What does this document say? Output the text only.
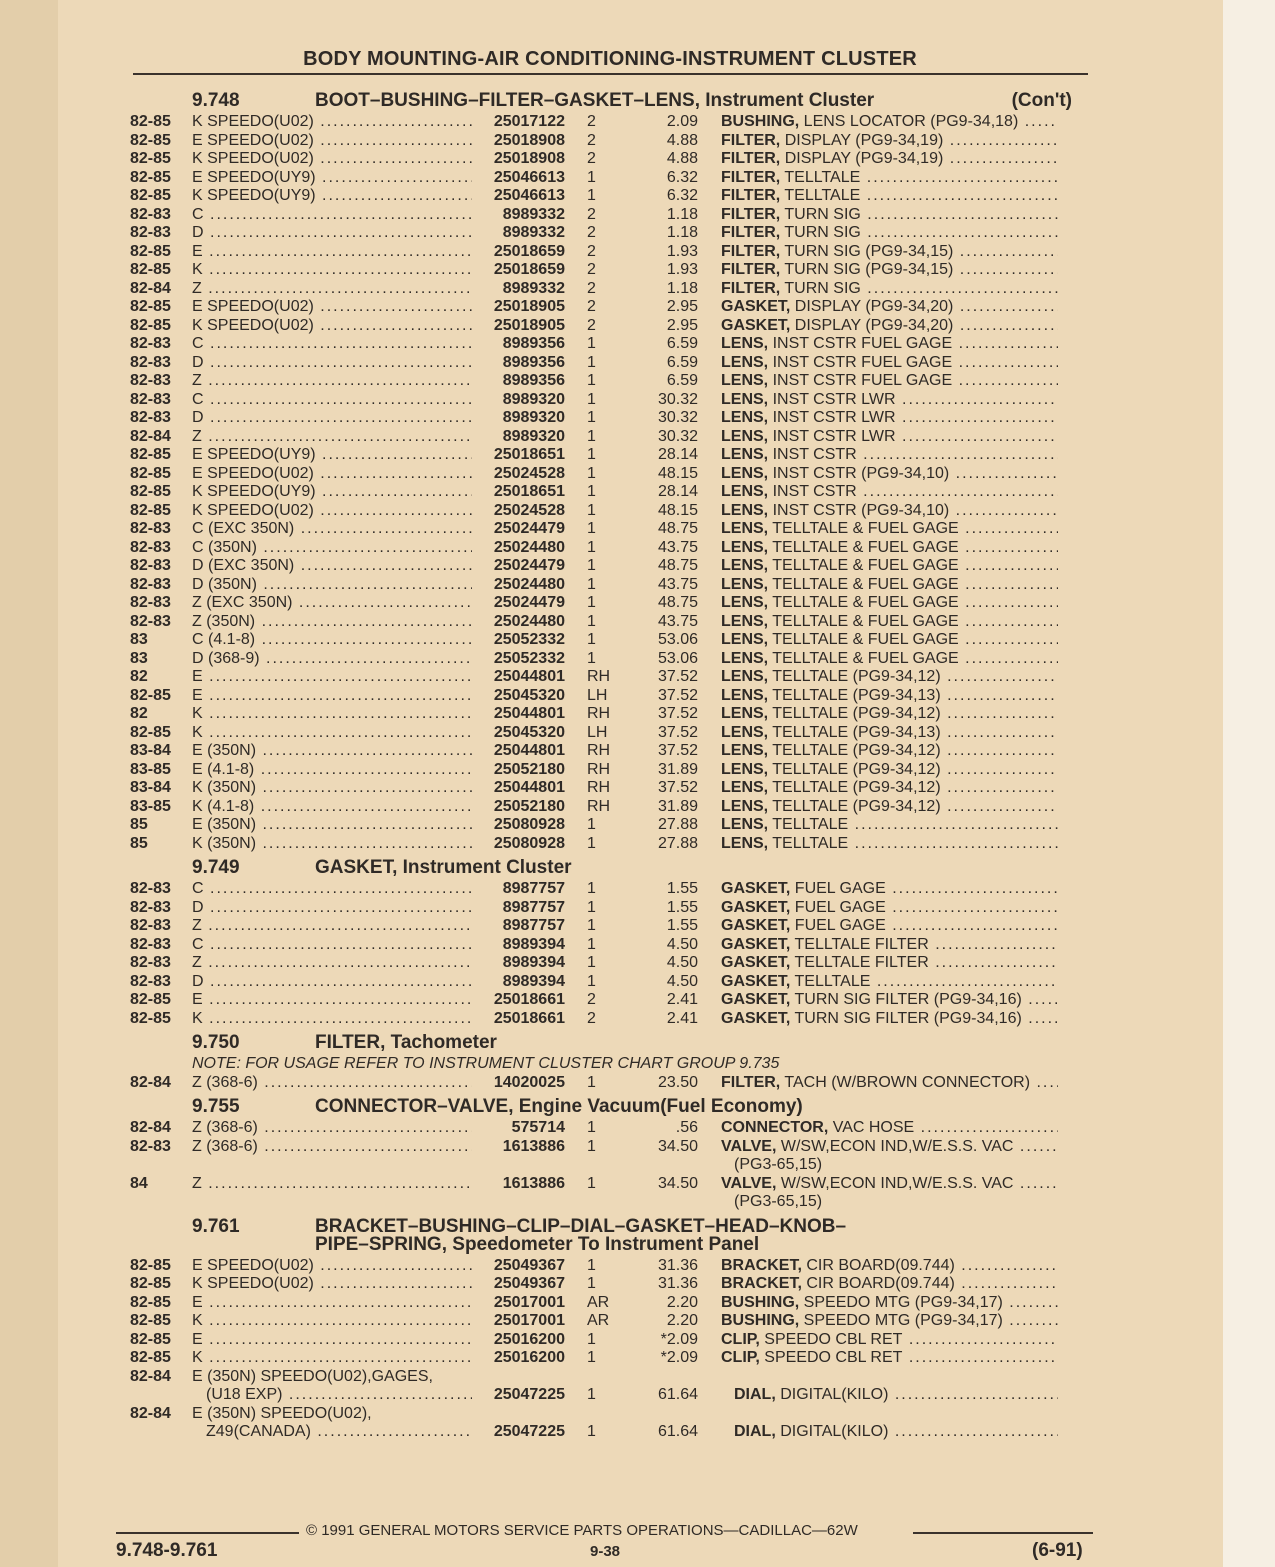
BODY MOUNTING-AIR CONDITIONING-INSTRUMENT CLUSTER
9.748	BOOT–BUSHING–FILTER–GASKET–LENS, Instrument Cluster	(Con't)
82-85	K SPEEDO(U02) .....	25017122	2	2.09	BUSHING, LENS LOCATOR (PG9-34,18) .....
82-85	E SPEEDO(U02) .....	25018908	2	4.88	FILTER, DISPLAY (PG9-34,19) .....
82-85	K SPEEDO(U02) .....	25018908	2	4.88	FILTER, DISPLAY (PG9-34,19) .....
82-85	E SPEEDO(UY9) .....	25046613	1	6.32	FILTER, TELLTALE .....
82-85	K SPEEDO(UY9) .....	25046613	1	6.32	FILTER, TELLTALE .....
82-83	C .....	8989332	2	1.18	FILTER, TURN SIG .....
82-83	D .....	8989332	2	1.18	FILTER, TURN SIG .....
82-85	E .....	25018659	2	1.93	FILTER, TURN SIG (PG9-34,15) .....
82-85	K .....	25018659	2	1.93	FILTER, TURN SIG (PG9-34,15) .....
82-84	Z .....	8989332	2	1.18	FILTER, TURN SIG .....
82-85	E SPEEDO(U02) .....	25018905	2	2.95	GASKET, DISPLAY (PG9-34,20) .....
82-85	K SPEEDO(U02) .....	25018905	2	2.95	GASKET, DISPLAY (PG9-34,20) .....
82-83	C .....	8989356	1	6.59	LENS, INST CSTR FUEL GAGE .....
82-83	D .....	8989356	1	6.59	LENS, INST CSTR FUEL GAGE .....
82-83	Z .....	8989356	1	6.59	LENS, INST CSTR FUEL GAGE .....
82-83	C .....	8989320	1	30.32	LENS, INST CSTR LWR .....
82-83	D .....	8989320	1	30.32	LENS, INST CSTR LWR .....
82-84	Z .....	8989320	1	30.32	LENS, INST CSTR LWR .....
82-85	E SPEEDO(UY9) .....	25018651	1	28.14	LENS, INST CSTR .....
82-85	E SPEEDO(U02) .....	25024528	1	48.15	LENS, INST CSTR (PG9-34,10) .....
82-85	K SPEEDO(UY9) .....	25018651	1	28.14	LENS, INST CSTR .....
82-85	K SPEEDO(U02) .....	25024528	1	48.15	LENS, INST CSTR (PG9-34,10) .....
82-83	C (EXC 350N) .....	25024479	1	48.75	LENS, TELLTALE & FUEL GAGE .....
82-83	C (350N) .....	25024480	1	43.75	LENS, TELLTALE & FUEL GAGE .....
82-83	D (EXC 350N) .....	25024479	1	48.75	LENS, TELLTALE & FUEL GAGE .....
82-83	D (350N) .....	25024480	1	43.75	LENS, TELLTALE & FUEL GAGE .....
82-83	Z (EXC 350N) .....	25024479	1	48.75	LENS, TELLTALE & FUEL GAGE .....
82-83	Z (350N) .....	25024480	1	43.75	LENS, TELLTALE & FUEL GAGE .....
83	C (4.1-8) .....	25052332	1	53.06	LENS, TELLTALE & FUEL GAGE .....
83	D (368-9) .....	25052332	1	53.06	LENS, TELLTALE & FUEL GAGE .....
82	E .....	25044801	RH	37.52	LENS, TELLTALE (PG9-34,12) .....
82-85	E .....	25045320	LH	37.52	LENS, TELLTALE (PG9-34,13) .....
82	K .....	25044801	RH	37.52	LENS, TELLTALE (PG9-34,12) .....
82-85	K .....	25045320	LH	37.52	LENS, TELLTALE (PG9-34,13) .....
83-84	E (350N) .....	25044801	RH	37.52	LENS, TELLTALE (PG9-34,12) .....
83-85	E (4.1-8) .....	25052180	RH	31.89	LENS, TELLTALE (PG9-34,12) .....
83-84	K (350N) .....	25044801	RH	37.52	LENS, TELLTALE (PG9-34,12) .....
83-85	K (4.1-8) .....	25052180	RH	31.89	LENS, TELLTALE (PG9-34,12) .....
85	E (350N) .....	25080928	1	27.88	LENS, TELLTALE .....
85	K (350N) .....	25080928	1	27.88	LENS, TELLTALE .....
9.749	GASKET, Instrument Cluster
82-83	C .....	8987757	1	1.55	GASKET, FUEL GAGE .....
82-83	D .....	8987757	1	1.55	GASKET, FUEL GAGE .....
82-83	Z .....	8987757	1	1.55	GASKET, FUEL GAGE .....
82-83	C .....	8989394	1	4.50	GASKET, TELLTALE FILTER .....
82-83	Z .....	8989394	1	4.50	GASKET, TELLTALE FILTER .....
82-83	D .....	8989394	1	4.50	GASKET, TELLTALE .....
82-85	E .....	25018661	2	2.41	GASKET, TURN SIG FILTER (PG9-34,16) .....
82-85	K .....	25018661	2	2.41	GASKET, TURN SIG FILTER (PG9-34,16) .....
9.750	FILTER, Tachometer
NOTE: FOR USAGE REFER TO INSTRUMENT CLUSTER CHART GROUP 9.735
82-84	Z (368-6) .....	14020025	1	23.50	FILTER, TACH (W/BROWN CONNECTOR) .....
9.755	CONNECTOR–VALVE, Engine Vacuum(Fuel Economy)
82-84	Z (368-6) .....	575714	1	.56	CONNECTOR, VAC HOSE .....
82-83	Z (368-6) .....	1613886	1	34.50	VALVE, W/SW,ECON IND,W/E.S.S. VAC .....
(PG3-65,15)
84	Z .....	1613886	1	34.50	VALVE, W/SW,ECON IND,W/E.S.S. VAC .....
(PG3-65,15)
9.761	BRACKET–BUSHING–CLIP–DIAL–GASKET–HEAD–KNOB–
PIPE–SPRING, Speedometer To Instrument Panel
82-85	E SPEEDO(U02) .....	25049367	1	31.36	BRACKET, CIR BOARD(09.744) .....
82-85	K SPEEDO(U02) .....	25049367	1	31.36	BRACKET, CIR BOARD(09.744) .....
82-85	E .....	25017001	AR	2.20	BUSHING, SPEEDO MTG (PG9-34,17) .....
82-85	K .....	25017001	AR	2.20	BUSHING, SPEEDO MTG (PG9-34,17) .....
82-85	E .....	25016200	1	*2.09	CLIP, SPEEDO CBL RET .....
82-85	K .....	25016200	1	*2.09	CLIP, SPEEDO CBL RET .....
82-84	E (350N) SPEEDO(U02),GAGES,
(U18 EXP) .....	25047225	1	61.64	DIAL, DIGITAL(KILO) .....
82-84	E (350N) SPEEDO(U02),
Z49(CANADA) .....	25047225	1	61.64	DIAL, DIGITAL(KILO) .....
© 1991 GENERAL MOTORS SERVICE PARTS OPERATIONS—CADILLAC—62W
9.748-9.761	9-38	(6-91)
